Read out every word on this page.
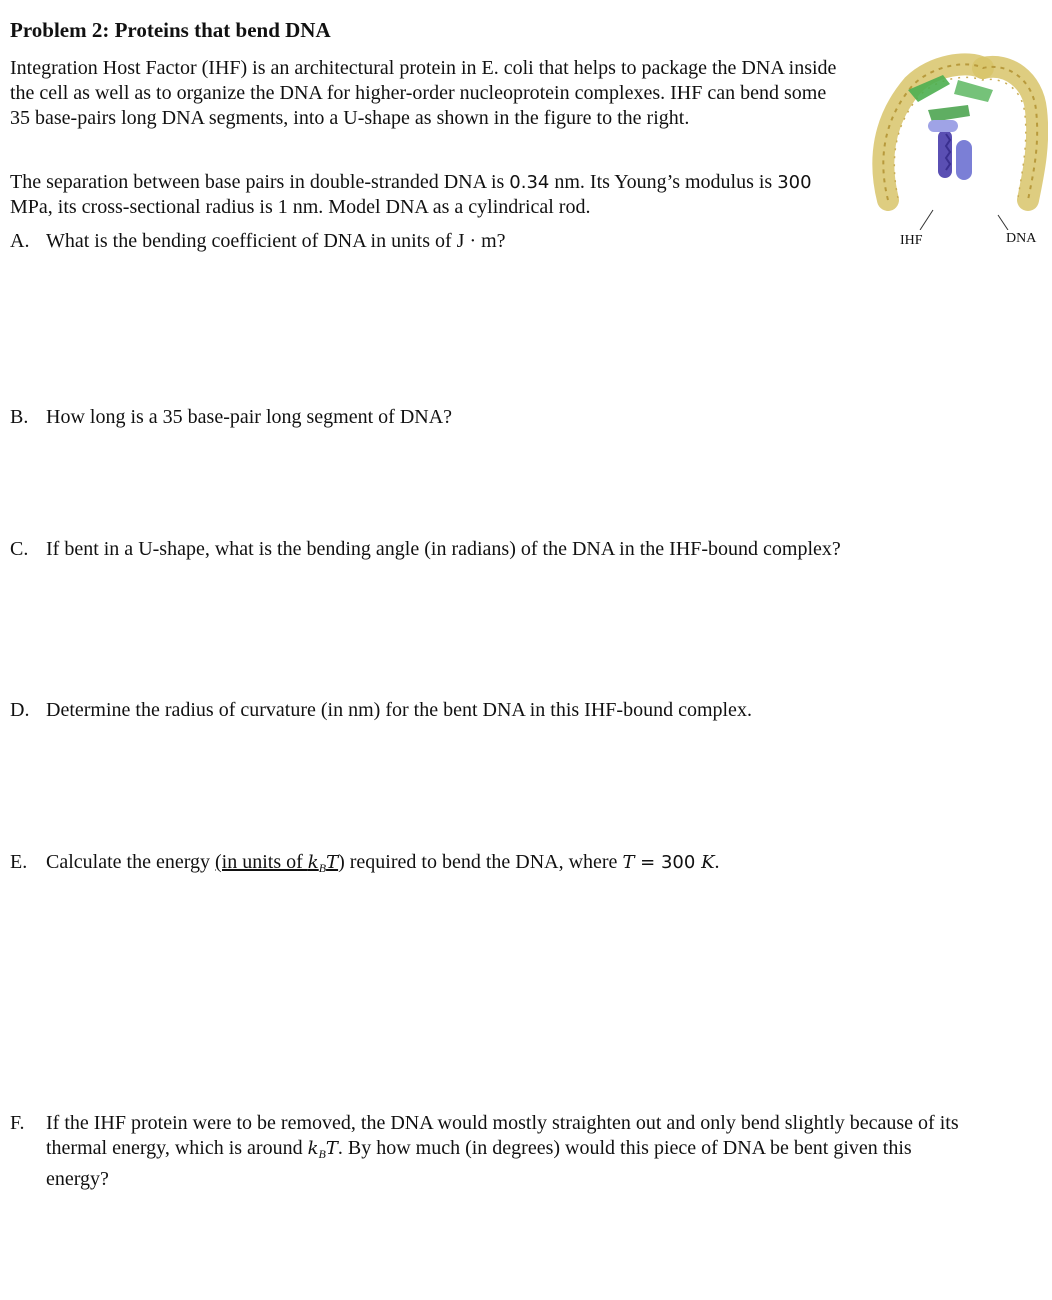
Problem 2: Proteins that bend DNA

Integration Host Factor (IHF) is an architectural protein in E. coli that helps to package the DNA inside the cell as well as to organize the DNA for higher-order nucleoprotein complexes. IHF can bend some 35 base-pairs long DNA segments, into a U-shape as shown in the figure to the right.

The separation between base pairs in double-stranded DNA is 0.34 nm. Its Young’s modulus is 300 MPa, its cross-sectional radius is 1 nm. Model DNA as a cylindrical rod.

A. What is the bending coefficient of DNA in units of J · m?
B. How long is a 35 base-pair long segment of DNA?
C. If bent in a U-shape, what is the bending angle (in radians) of the DNA in the IHF-bound complex?
D. Determine the radius of curvature (in nm) for the bent DNA in this IHF-bound complex.
E. Calculate the energy (in units of $k_BT$) required to bend the DNA, where T = 300 K.
F. If the IHF protein were to be removed, the DNA would mostly straighten out and only bend slightly because of its thermal energy, which is around $k_BT$. By how much (in degrees) would this piece of DNA be bent given this energy?
IHF	DNA
